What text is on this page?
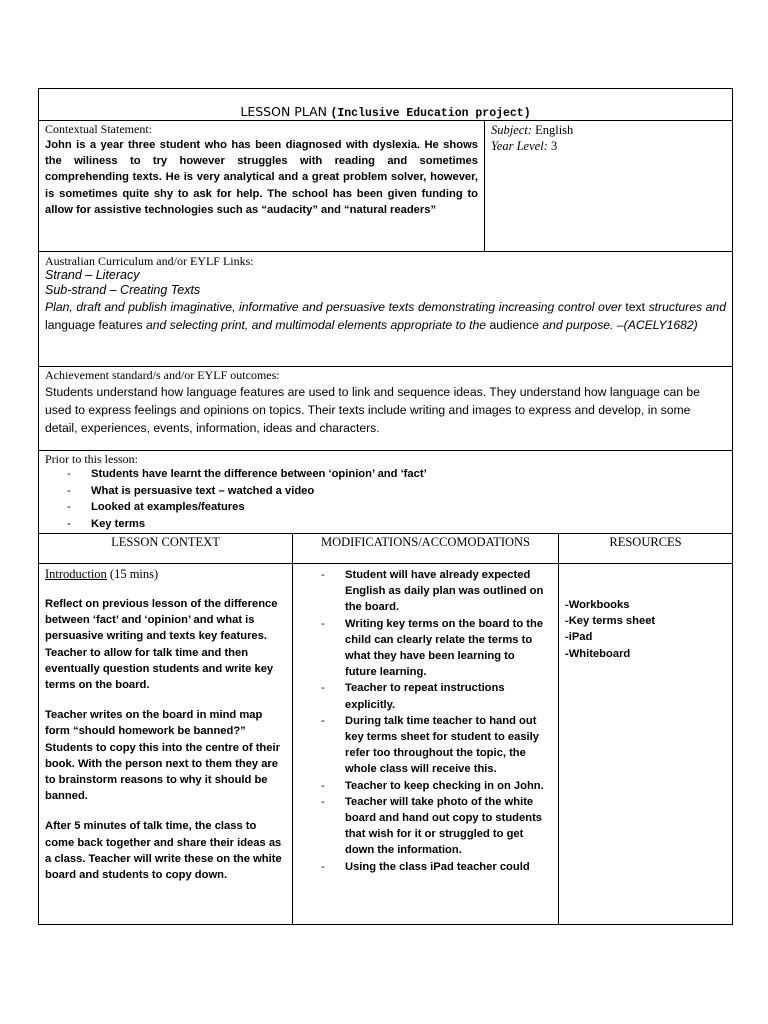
LESSON PLAN (Inclusive Education project)
Contextual Statement:
John is a year three student who has been diagnosed with dyslexia. He shows the wiliness to try however struggles with reading and sometimes comprehending texts. He is very analytical and a great problem solver, however, is sometimes quite shy to ask for help. The school has been given funding to allow for assistive technologies such as “audacity” and “natural readers”
Subject: English
Year Level: 3
Australian Curriculum and/or EYLF Links:
Strand – Literacy
Sub-strand – Creating Texts
Plan, draft and publish imaginative, informative and persuasive texts demonstrating increasing control over text structures and language features and selecting print, and multimodal elements appropriate to the audience and purpose. –(ACELY1682)
Achievement standard/s and/or EYLF outcomes:
Students understand how language features are used to link and sequence ideas. They understand how language can be used to express feelings and opinions on topics. Their texts include writing and images to express and develop, in some detail, experiences, events, information, ideas and characters.
Prior to this lesson:
- Students have learnt the difference between ‘opinion’ and ‘fact’
- What is persuasive text – watched a video
- Looked at examples/features
- Key terms
LESSON CONTEXT	MODIFICATIONS/ACCOMODATIONS	RESOURCES
Introduction (15 mins)
Reflect on previous lesson of the difference between ‘fact’ and ‘opinion’ and what is persuasive writing and texts key features. Teacher to allow for talk time and then eventually question students and write key terms on the board.
Teacher writes on the board in mind map form “should homework be banned?” Students to copy this into the centre of their book. With the person next to them they are to brainstorm reasons to why it should be banned.
After 5 minutes of talk time, the class to come back together and share their ideas as a class. Teacher will write these on the white board and students to copy down.
- Student will have already expected English as daily plan was outlined on the board.
- Writing key terms on the board to the child can clearly relate the terms to what they have been learning to future learning.
- Teacher to repeat instructions explicitly.
- During talk time teacher to hand out key terms sheet for student to easily refer too throughout the topic, the whole class will receive this.
- Teacher to keep checking in on John.
- Teacher will take photo of the white board and hand out copy to students that wish for it or struggled to get down the information.
- Using the class iPad teacher could
-Workbooks
-Key terms sheet
-iPad
-Whiteboard
